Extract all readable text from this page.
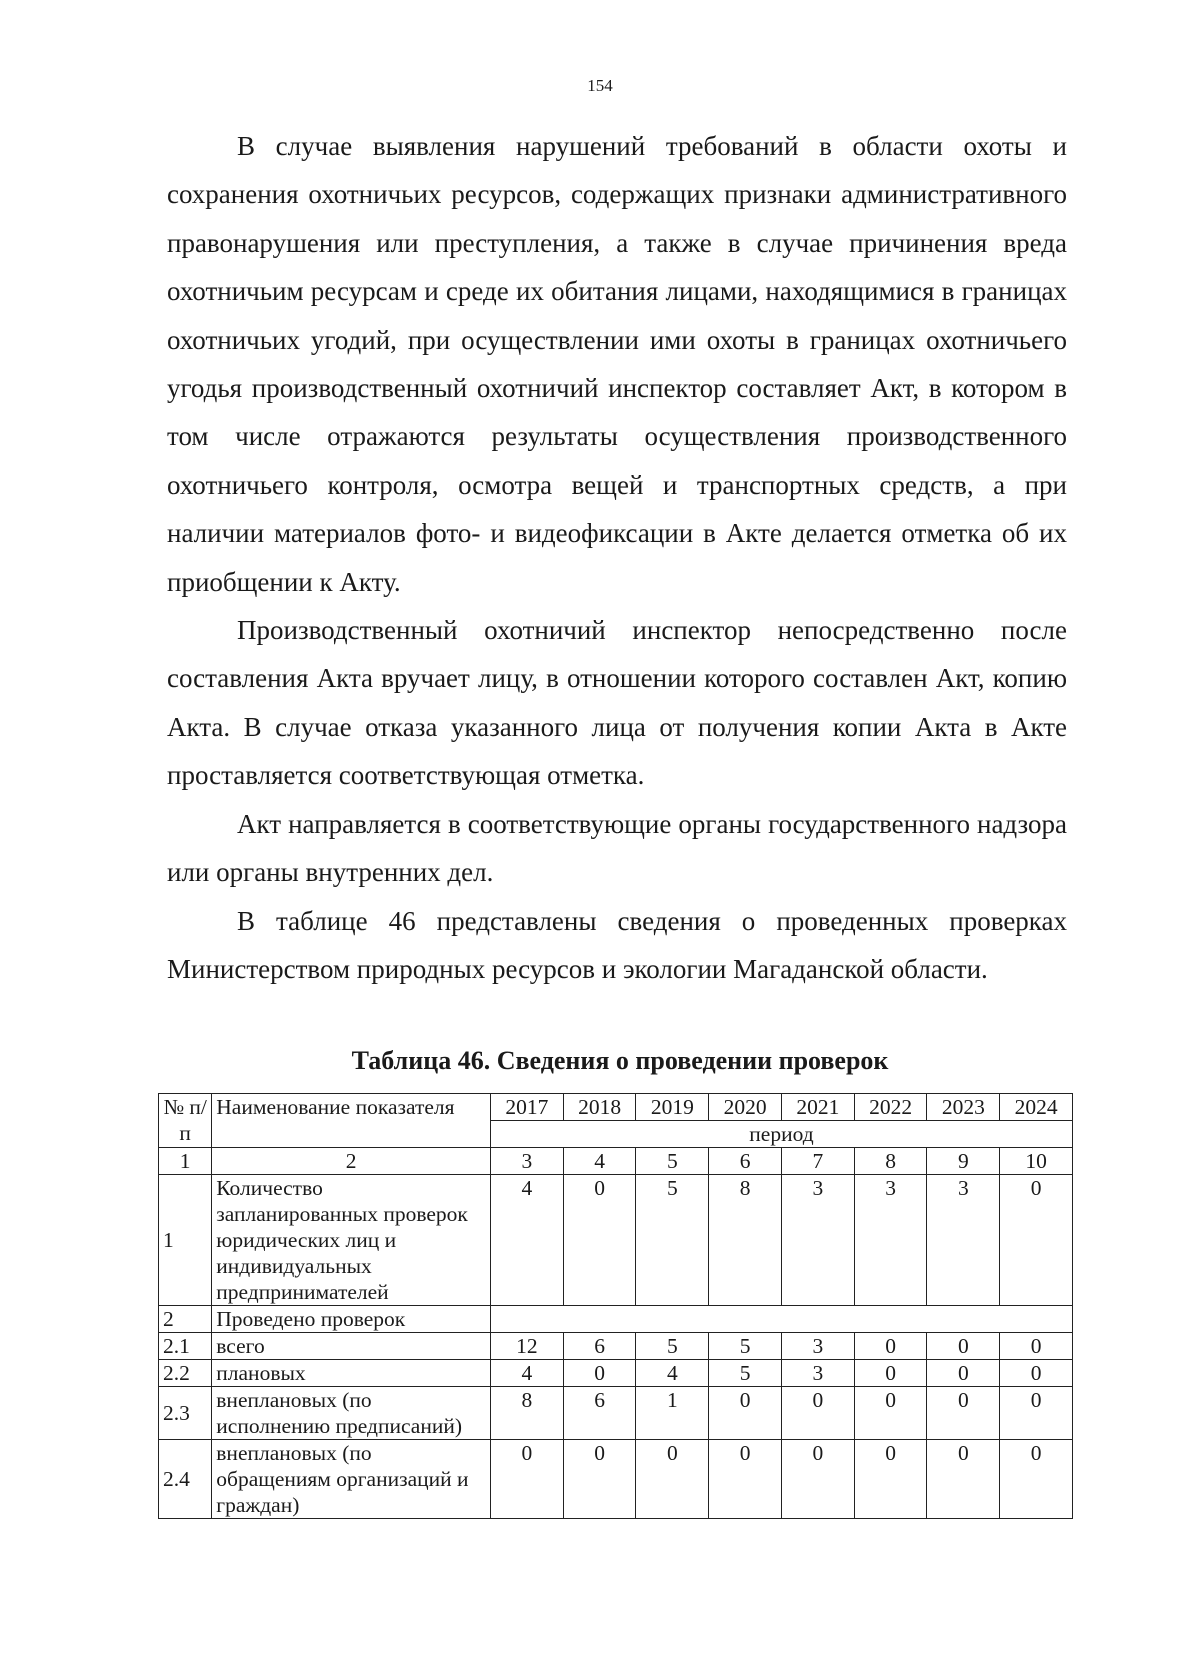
154

В случае выявления нарушений требований в области охоты и сохранения охотничьих ресурсов, содержащих признаки административного правонарушения или преступления, а также в случае причинения вреда охотничьим ресурсам и среде их обитания лицами, находящимися в границах охотничьих угодий, при осуществлении ими охоты в границах охотничьего угодья производственный охотничий инспектор составляет Акт, в котором в том числе отражаются результаты осуществления производственного охотничьего контроля, осмотра вещей и транспортных средств, а при наличии материалов фото- и видеофиксации в Акте делается отметка об их приобщении к Акту.

Производственный охотничий инспектор непосредственно после составления Акта вручает лицу, в отношении которого составлен Акт, копию Акта. В случае отказа указанного лица от получения копии Акта в Акте проставляется соответствующая отметка.

Акт направляется в соответствующие органы государственного надзора или органы внутренних дел.

В таблице 46 представлены сведения о проведенных проверках Министерством природных ресурсов и экологии Магаданской области.

Таблица 46. Сведения о проведении проверок
№ п/п	Наименование показателя	2017	2018	2019	2020	2021	2022	2023	2024
		период							
1	2	3	4	5	6	7	8	9	10
1	Количество запланированных проверок юридических лиц и индивидуальных предпринимателей	4	0	5	8	3	3	3	0
2	Проведено проверок								
2.1	всего	12	6	5	5	3	0	0	0
2.2	плановых	4	0	4	5	3	0	0	0
2.3	внеплановых (по исполнению предписаний)	8	6	1	0	0	0	0	0
2.4	внеплановых (по обращениям организаций и граждан)	0	0	0	0	0	0	0	0
